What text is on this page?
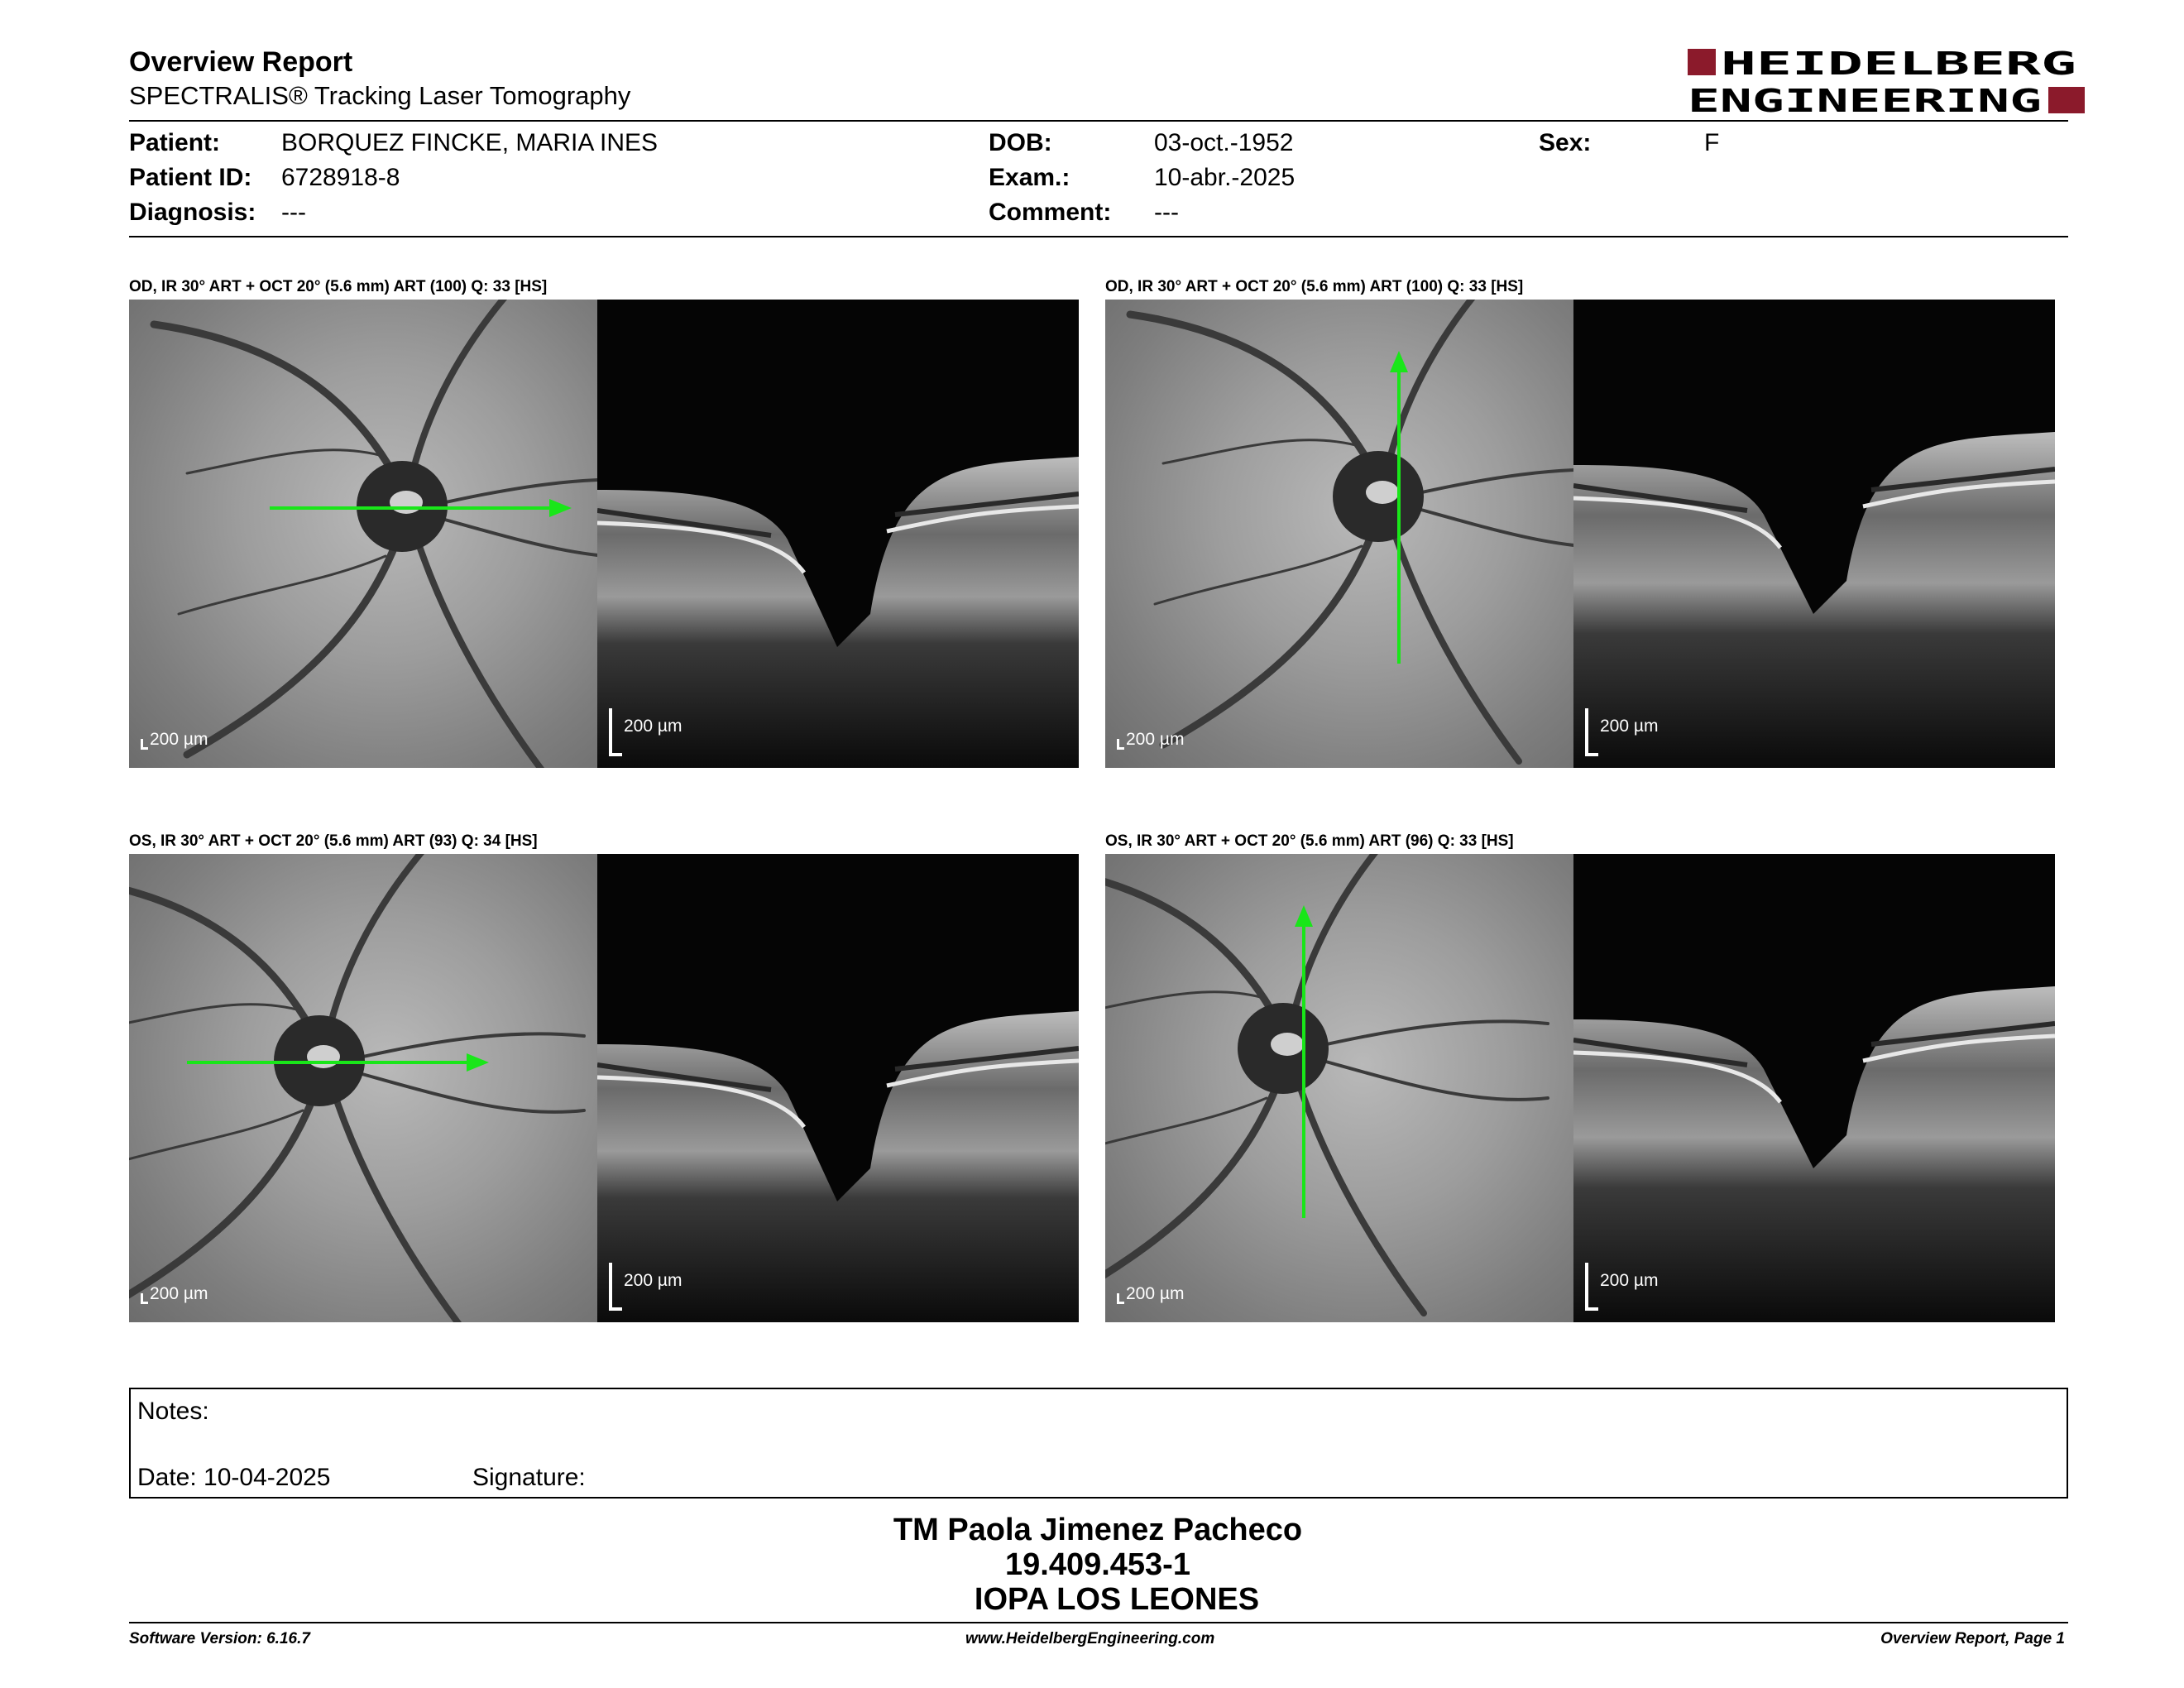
Overview Report
SPECTRALIS® Tracking Laser Tomography
HEIDELBERG
ENGINEERING
Patient: BORQUEZ FINCKE, MARIA INES
Patient ID: 6728918-8
Diagnosis: ---
DOB:	03-oct.-1952
Exam.:	10-abr.-2025
Comment: ---
Sex:	F
OD, IR 30° ART + OCT 20° (5.6 mm) ART (100) Q: 33 [HS]
200 µm
200 µm
OD, IR 30° ART + OCT 20° (5.6 mm) ART (100) Q: 33 [HS]
200 µm
200 µm
OS, IR 30° ART + OCT 20° (5.6 mm) ART (93) Q: 34 [HS]
200 µm
200 µm
OS, IR 30° ART + OCT 20° (5.6 mm) ART (96) Q: 33 [HS]
200 µm
200 µm
Notes:
Date: 10-04-2025	Signature:
TM Paola Jimenez Pacheco
19.409.453-1
IOPA LOS LEONES
Software Version: 6.16.7	www.HeidelbergEngineering.com	Overview Report, Page 1
